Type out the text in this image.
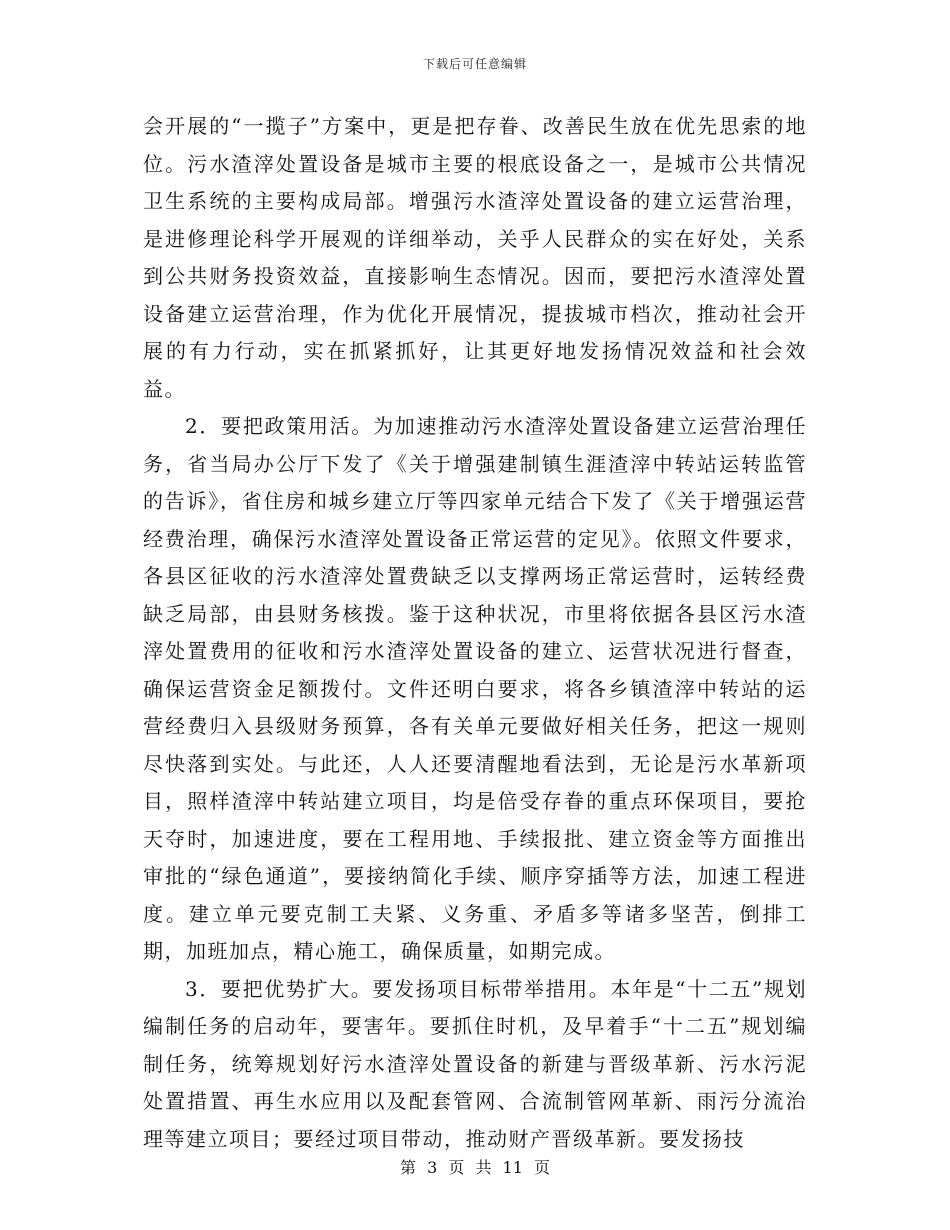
下载后可任意编辑

会开展的“一揽子”方案中，更是把存眷、改善民生放在优先思索的地位。污水渣滓处置设备是城市主要的根底设备之一，是城市公共情况卫生系统的主要构成局部。增强污水渣滓处置设备的建立运营治理，是进修理论科学开展观的详细举动，关乎人民群众的实在好处，关系到公共财务投资效益，直接影响生态情况。因而，要把污水渣滓处置设备建立运营治理，作为优化开展情况，提拔城市档次，推动社会开展的有力行动，实在抓紧抓好，让其更好地发扬情况效益和社会效益。

2．要把政策用活。为加速推动污水渣滓处置设备建立运营治理任务，省当局办公厅下发了《关于增强建制镇生涯渣滓中转站运转监管的告诉》，省住房和城乡建立厅等四家单元结合下发了《关于增强运营经费治理，确保污水渣滓处置设备正常运营的定见》。依照文件要求，各县区征收的污水渣滓处置费缺乏以支撑两场正常运营时，运转经费缺乏局部，由县财务核拨。鉴于这种状况，市里将依据各县区污水渣滓处置费用的征收和污水渣滓处置设备的建立、运营状况进行督查，确保运营资金足额拨付。文件还明白要求，将各乡镇渣滓中转站的运营经费归入县级财务预算，各有关单元要做好相关任务，把这一规则尽快落到实处。与此还，人人还要清醒地看法到，无论是污水革新项目，照样渣滓中转站建立项目，均是倍受存眷的重点环保项目，要抢天夺时，加速进度，要在工程用地、手续报批、建立资金等方面推出审批的“绿色通道”，要接纳简化手续、顺序穿插等方法，加速工程进度。建立单元要克制工夫紧、义务重、矛盾多等诸多坚苦，倒排工期，加班加点，精心施工，确保质量，如期完成。

3．要把优势扩大。要发扬项目标带举措用。本年是“十二五”规划编制任务的启动年，要害年。要抓住时机，及早着手“十二五”规划编制任务，统筹规划好污水渣滓处置设备的新建与晋级革新、污水污泥处置措置、再生水应用以及配套管网、合流制管网革新、雨污分流治理等建立项目；要经过项目带动，推动财产晋级革新。要发扬技

第 3 页 共 11 页
